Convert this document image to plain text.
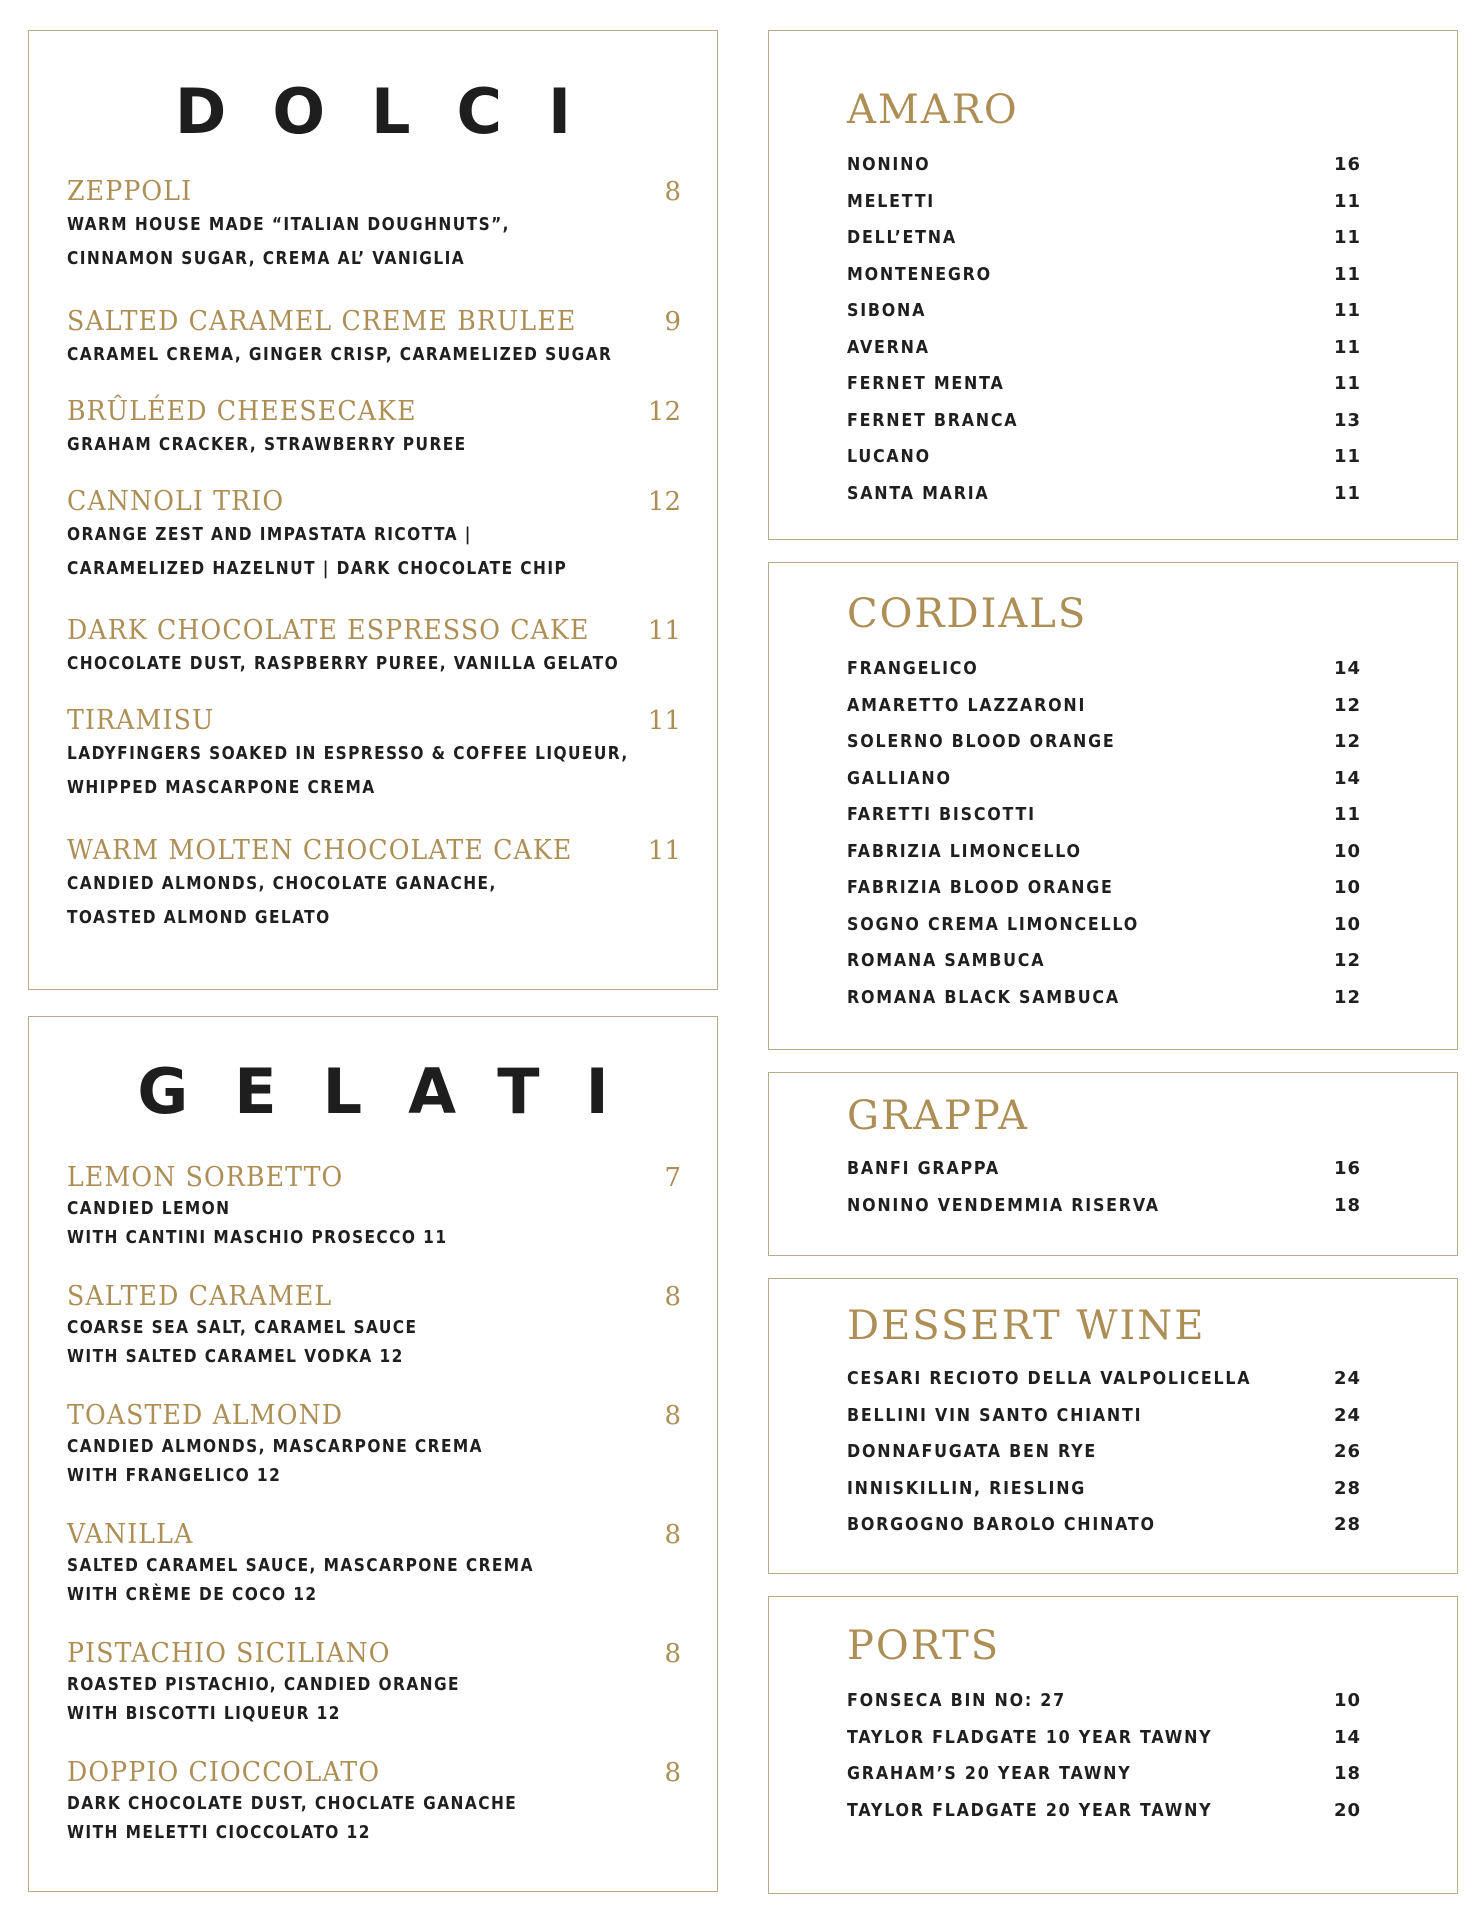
DOLCI
ZEPPOLI	8
WARM HOUSE MADE “ITALIAN DOUGHNUTS”,
CINNAMON SUGAR, CREMA AL’ VANIGLIA
SALTED CARAMEL CREME BRULEE	9
CARAMEL CREMA, GINGER CRISP, CARAMELIZED SUGAR
BRÛLÉED CHEESECAKE	12
GRAHAM CRACKER, STRAWBERRY PUREE
CANNOLI TRIO	12
ORANGE ZEST AND IMPASTATA RICOTTA |
CARAMELIZED HAZELNUT | DARK CHOCOLATE CHIP
DARK CHOCOLATE ESPRESSO CAKE	11
CHOCOLATE DUST, RASPBERRY PUREE, VANILLA GELATO
TIRAMISU	11
LADYFINGERS SOAKED IN ESPRESSO & COFFEE LIQUEUR,
WHIPPED MASCARPONE CREMA
WARM MOLTEN CHOCOLATE CAKE	11
CANDIED ALMONDS, CHOCOLATE GANACHE,
TOASTED ALMOND GELATO
GELATI
LEMON SORBETTO	7
CANDIED LEMON
WITH CANTINI MASCHIO PROSECCO 11
SALTED CARAMEL	8
COARSE SEA SALT, CARAMEL SAUCE
WITH SALTED CARAMEL VODKA 12
TOASTED ALMOND	8
CANDIED ALMONDS, MASCARPONE CREMA
WITH FRANGELICO 12
VANILLA	8
SALTED CARAMEL SAUCE, MASCARPONE CREMA
WITH CRÈME DE COCO 12
PISTACHIO SICILIANO	8
ROASTED PISTACHIO, CANDIED ORANGE
WITH BISCOTTI LIQUEUR 12
DOPPIO CIOCCOLATO	8
DARK CHOCOLATE DUST, CHOCLATE GANACHE
WITH MELETTI CIOCCOLATO 12
AMARO
NONINO	16
MELETTI	11
DELL’ETNA	11
MONTENEGRO	11
SIBONA	11
AVERNA	11
FERNET MENTA	11
FERNET BRANCA	13
LUCANO	11
SANTA MARIA	11
CORDIALS
FRANGELICO	14
AMARETTO LAZZARONI	12
SOLERNO BLOOD ORANGE	12
GALLIANO	14
FARETTI BISCOTTI	11
FABRIZIA LIMONCELLO	10
FABRIZIA BLOOD ORANGE	10
SOGNO CREMA LIMONCELLO	10
ROMANA SAMBUCA	12
ROMANA BLACK SAMBUCA	12
GRAPPA
BANFI GRAPPA	16
NONINO VENDEMMIA RISERVA	18
DESSERT WINE
CESARI RECIOTO DELLA VALPOLICELLA	24
BELLINI VIN SANTO CHIANTI	24
DONNAFUGATA BEN RYE	26
INNISKILLIN, RIESLING	28
BORGOGNO BAROLO CHINATO	28
PORTS
FONSECA BIN NO: 27	10
TAYLOR FLADGATE 10 YEAR TAWNY	14
GRAHAM’S 20 YEAR TAWNY	18
TAYLOR FLADGATE 20 YEAR TAWNY	20
